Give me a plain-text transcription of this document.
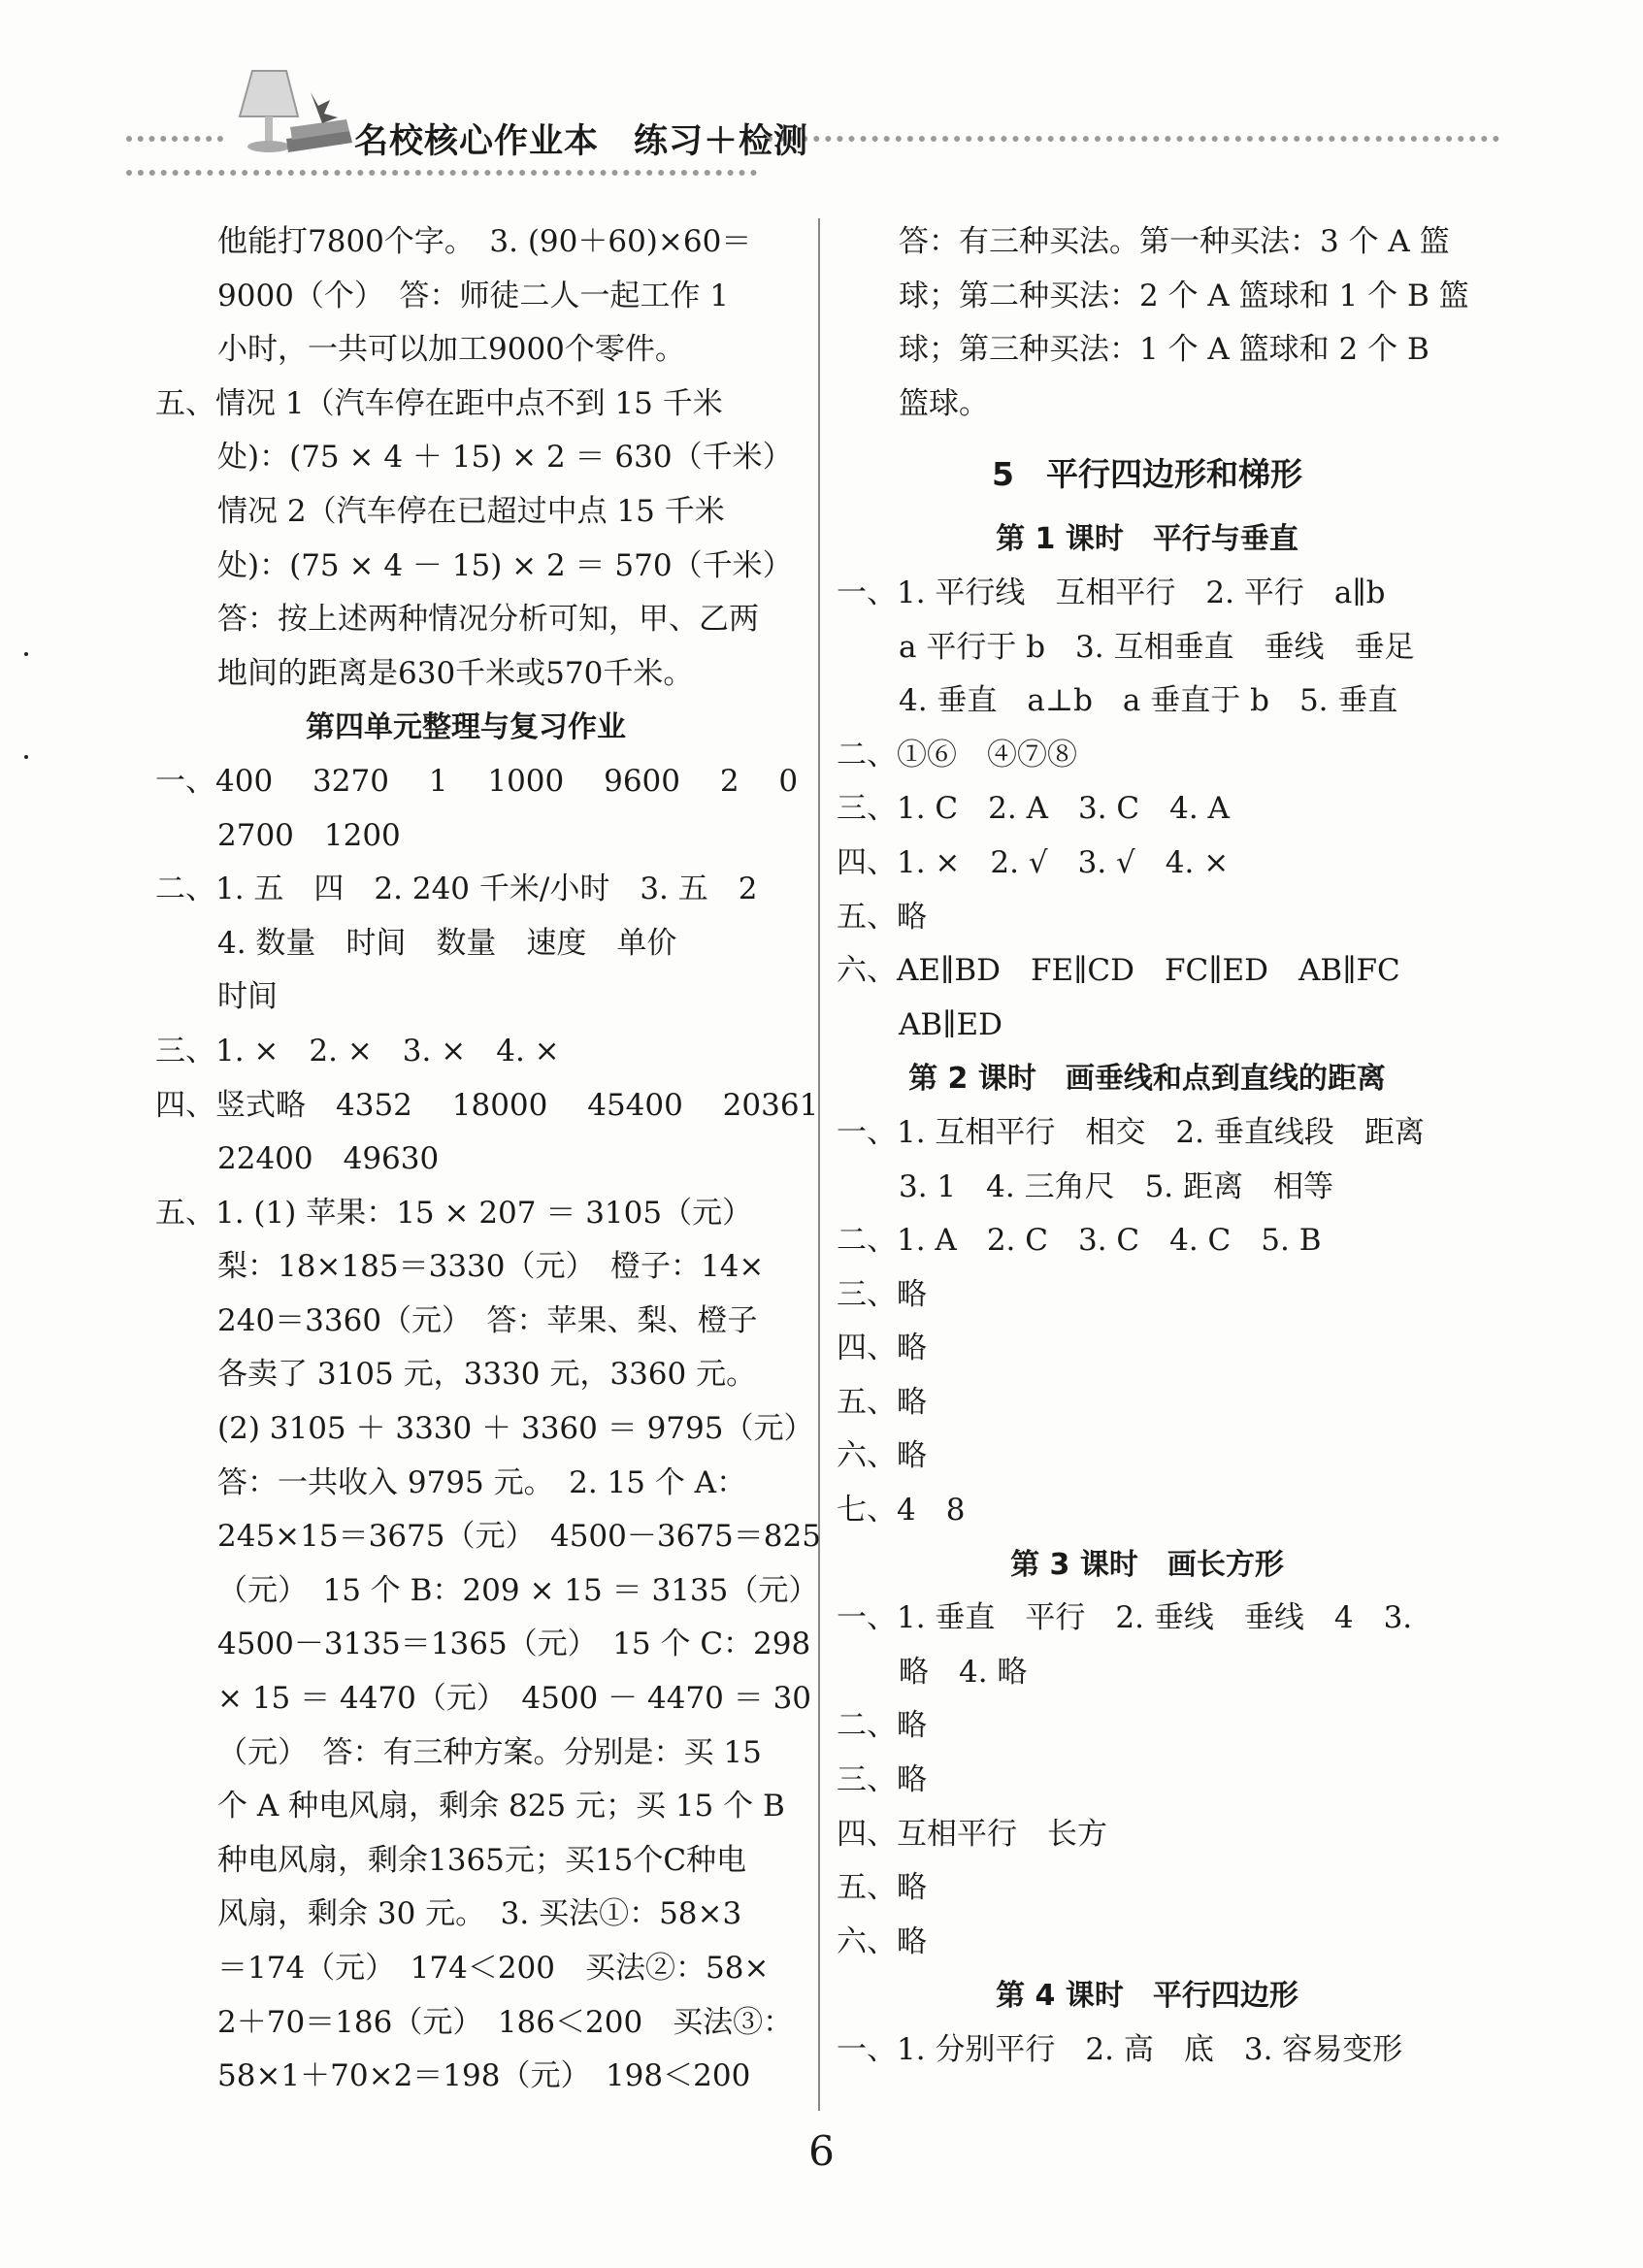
名校核心作业本　练习＋检测
他能打7800个字。　3. (90＋60)×60＝
9000（个）　答：师徒二人一起工作 1
小时，一共可以加工9000个零件。
五、情况 1（汽车停在距中点不到 15 千米
处)：(75 × 4 ＋ 15) × 2 ＝ 630（千米）
情况 2（汽车停在已超过中点 15 千米
处)：(75 × 4 － 15) × 2 ＝ 570（千米）
答：按上述两种情况分析可知，甲、乙两
地间的距离是630千米或570千米。
第四单元整理与复习作业
一、400　 3270　 1　 1000　 9600　 2　 0
2700　1200
二、1. 五　四　2. 240 千米/小时　3. 五　2
4. 数量　时间　数量　速度　单价
时间
三、1. ×　2. ×　3. ×　4. ×
四、竖式略　4352　 18000　 45400　 20361
22400　49630
五、1. (1) 苹果：15 × 207 ＝ 3105（元）
梨：18×185＝3330（元）　橙子：14×
240＝3360（元）　答：苹果、梨、橙子
各卖了 3105 元，3330 元，3360 元。
(2) 3105 ＋ 3330 ＋ 3360 ＝ 9795（元）
答：一共收入 9795 元。　2. 15 个 A：
245×15＝3675（元）　4500－3675＝825
（元）　15 个 B：209 × 15 ＝ 3135（元）
4500－3135＝1365（元）　15 个 C：298
× 15 ＝ 4470（元）　4500 － 4470 ＝ 30
（元）　答：有三种方案。分别是：买 15
个 A 种电风扇，剩余 825 元；买 15 个 B
种电风扇，剩余1365元；买15个C种电
风扇，剩余 30 元。　3. 买法①：58×3
＝174（元）　174＜200　买法②：58×
2＋70＝186（元）　186＜200　买法③：
58×1＋70×2＝198（元）　198＜200
答：有三种买法。第一种买法：3 个 A 篮
球；第二种买法：2 个 A 篮球和 1 个 B 篮
球；第三种买法：1 个 A 篮球和 2 个 B
篮球。
5　平行四边形和梯形
第 1 课时　平行与垂直
一、1. 平行线　互相平行　2. 平行　a∥b
a 平行于 b　3. 互相垂直　垂线　垂足
4. 垂直　a⊥b　a 垂直于 b　5. 垂直
二、①⑥　④⑦⑧
三、1. C　2. A　3. C　4. A
四、1. ×　2. √　3. √　4. ×
五、略
六、AE∥BD　FE∥CD　FC∥ED　AB∥FC
AB∥ED
第 2 课时　画垂线和点到直线的距离
一、1. 互相平行　相交　2. 垂直线段　距离
3. 1　4. 三角尺　5. 距离　相等
二、1. A　2. C　3. C　4. C　5. B
三、略
四、略
五、略
六、略
七、4　8
第 3 课时　画长方形
一、1. 垂直　平行　2. 垂线　垂线　4　3.
略　4. 略
二、略
三、略
四、互相平行　长方
五、略
六、略
第 4 课时　平行四边形
一、1. 分别平行　2. 高　底　3. 容易变形
6
